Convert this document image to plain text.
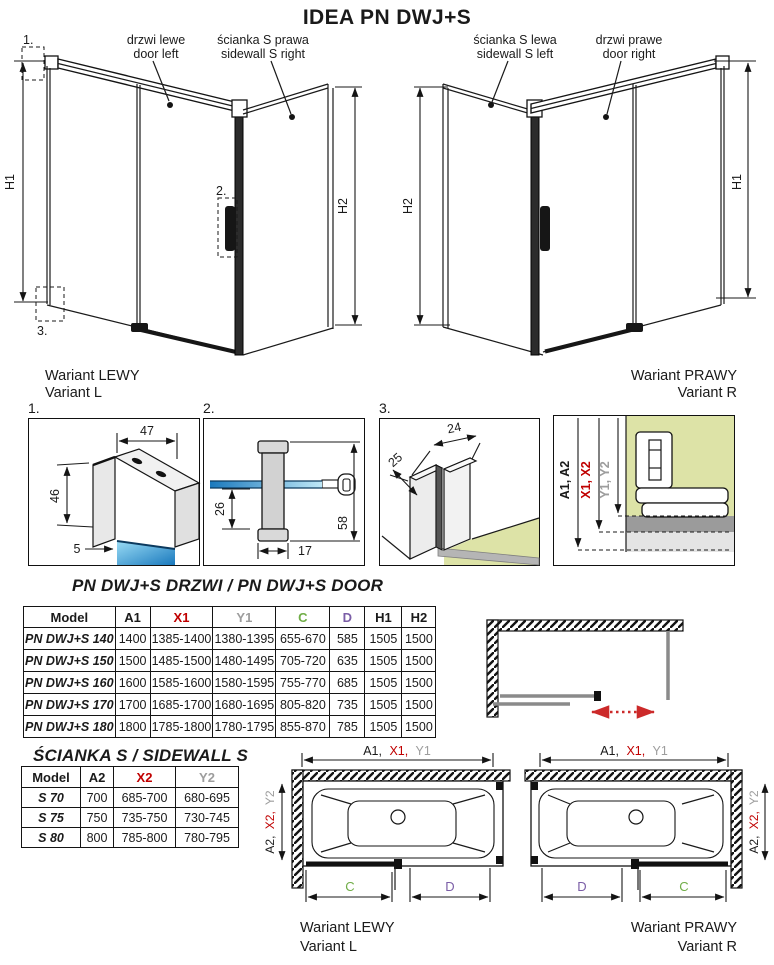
IDEA PN DWJ+S
H1
1.
2.
H2
3.
drzwi lewe
door left
ścianka S prawa
sidewall S right
Wariant LEWY
Variant L
H2
H1
ścianka S lewa
sidewall S left
drzwi prawe
door right
Wariant PRAWY
Variant R
1.
47
46
5
2.
26
17
58
3.
24
25
A1, A2 X1, X2 Y1, Y2
PN DWJ+S DRZWI / PN DWJ+S DOOR
Model	A1	X1	Y1	C	D	H1	H2
PN DWJ+S 140	1400	1385-1400	1380-1395	655-670	585	1505	1500
PN DWJ+S 150	1500	1485-1500	1480-1495	705-720	635	1505	1500
PN DWJ+S 160	1600	1585-1600	1580-1595	755-770	685	1505	1500
PN DWJ+S 170	1700	1685-1700	1680-1695	805-820	735	1505	1500
PN DWJ+S 180	1800	1785-1800	1780-1795	855-870	785	1505	1500
ŚCIANKA S / SIDEWALL S
Model	A2	X2	Y2
S 70	700	685-700	680-695
S 75	750	735-750	730-745
S 80	800	785-800	780-795
A1, X1, Y1
C	D
A2, X2, Y2
Wariant LEWY
Variant L
A1, X1, Y1
D	C
A2, X2, Y2
Wariant PRAWY
Variant R
